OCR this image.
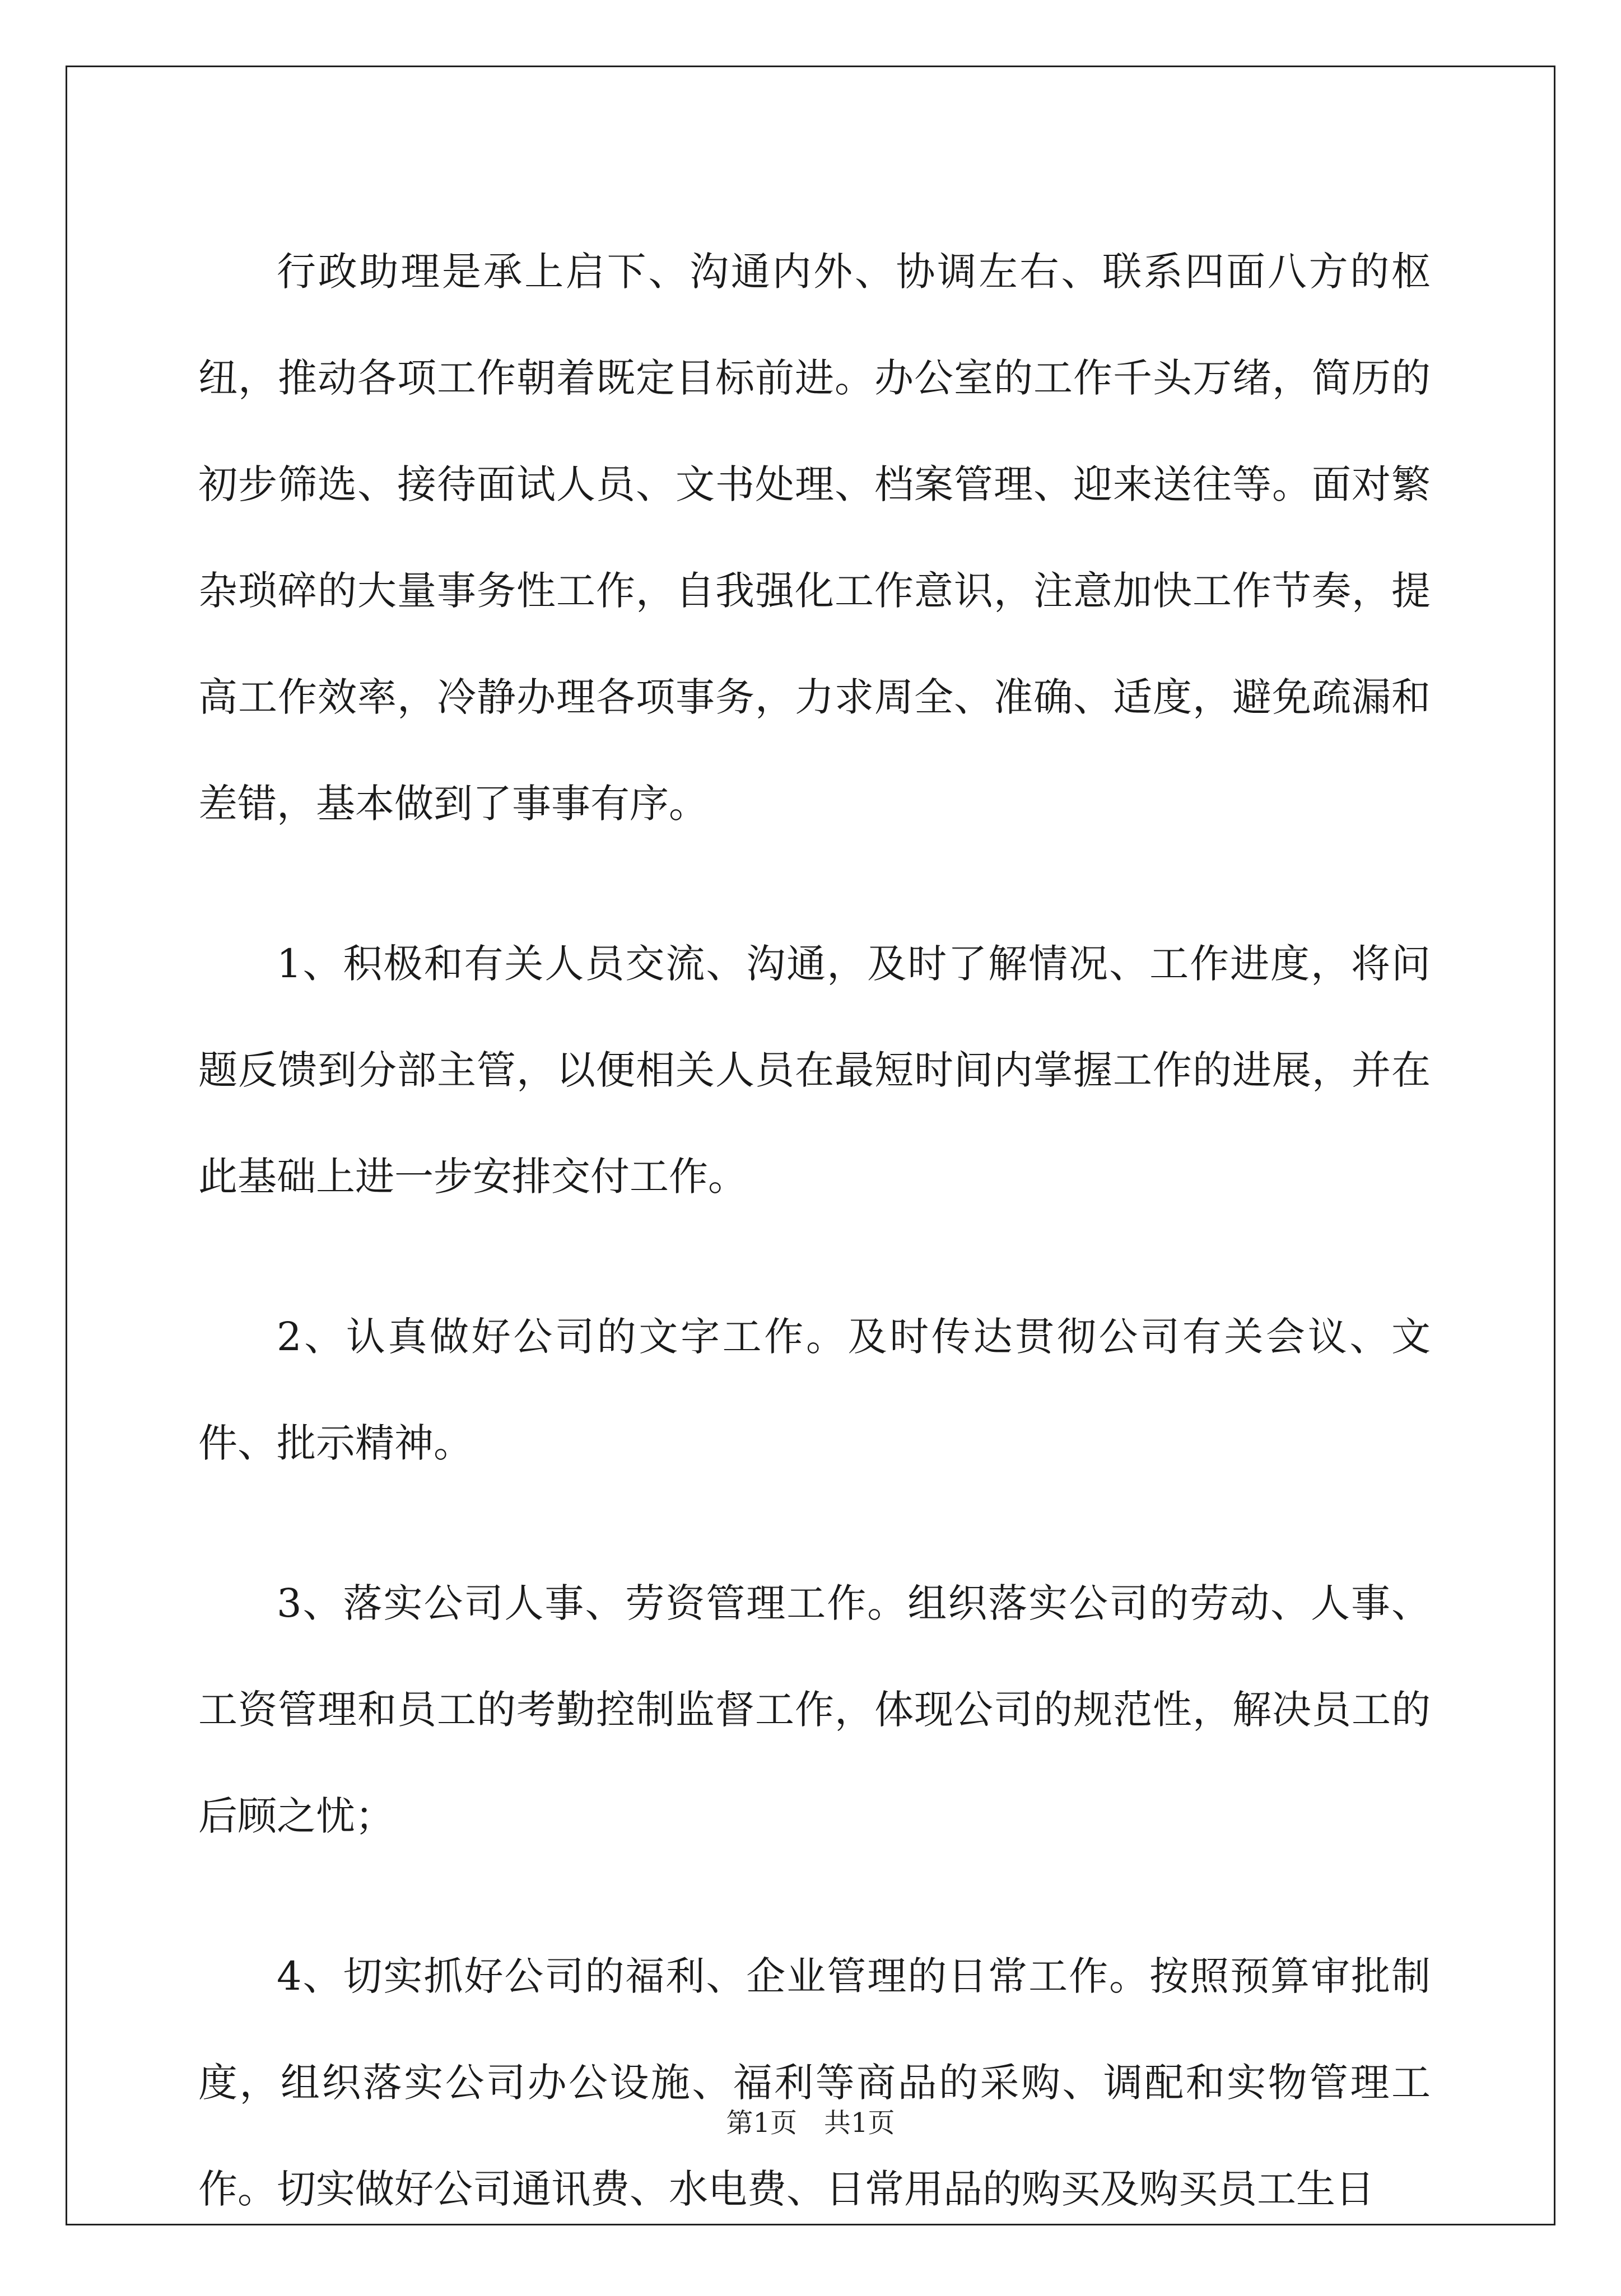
行政助理是承上启下、沟通内外、协调左右、联系四面八方的枢纽，推动各项工作朝着既定目标前进。办公室的工作千头万绪，简历的初步筛选、接待面试人员、文书处理、档案管理、迎来送往等。面对繁杂琐碎的大量事务性工作，自我强化工作意识，注意加快工作节奏，提高工作效率，冷静办理各项事务，力求周全、准确、适度，避免疏漏和差错，基本做到了事事有序。

1、积极和有关人员交流、沟通，及时了解情况、工作进度，将问题反馈到分部主管，以便相关人员在最短时间内掌握工作的进展，并在此基础上进一步安排交付工作。

2、认真做好公司的文字工作。及时传达贯彻公司有关会议、文件、批示精神。

3、落实公司人事、劳资管理工作。组织落实公司的劳动、人事、工资管理和员工的考勤控制监督工作，体现公司的规范性，解决员工的后顾之忧；

4、切实抓好公司的福利、企业管理的日常工作。按照预算审批制度，组织落实公司办公设施、福利等商品的采购、调配和实物管理工作。切实做好公司通讯费、水电费、日常用品的购买及购买员工生日

第1页　共1页
